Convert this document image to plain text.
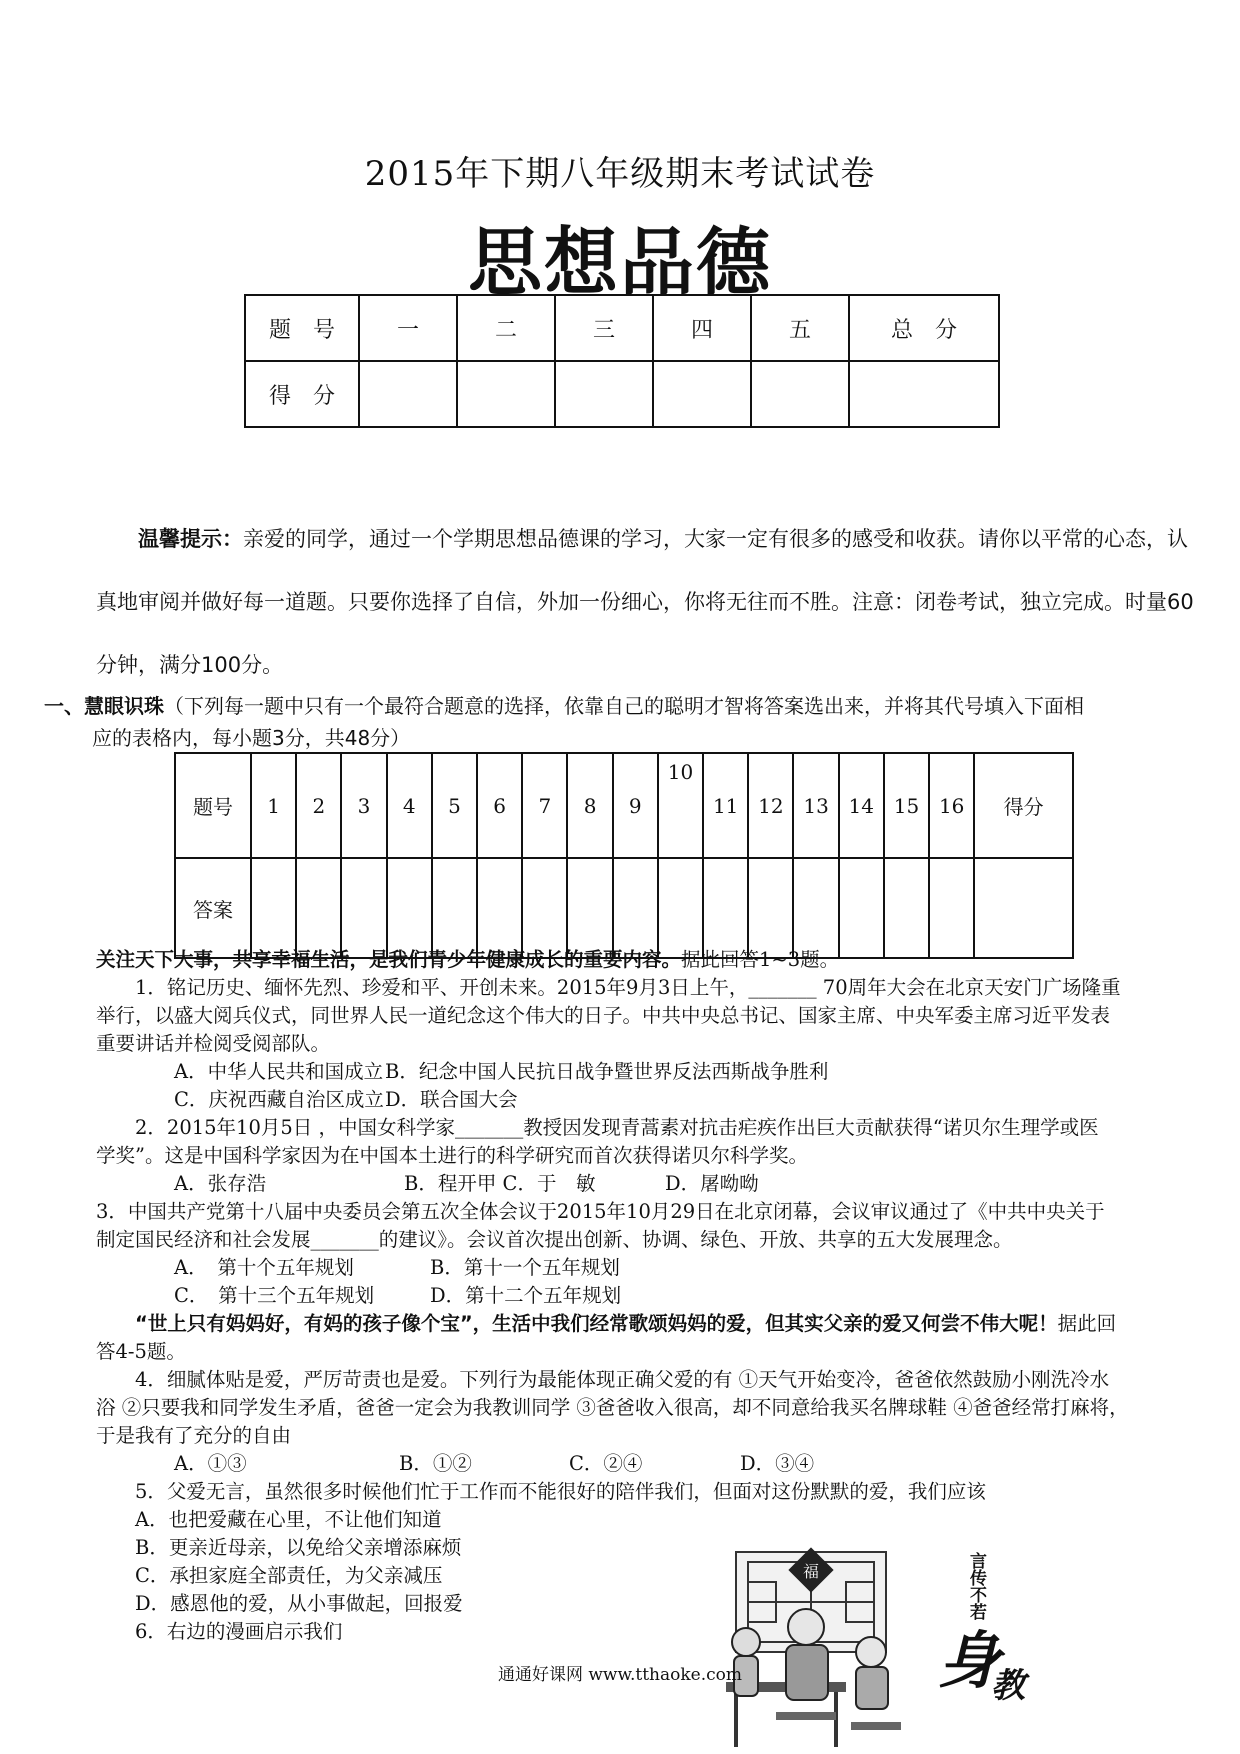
2015年下期八年级期末考试试卷
思想品德
题　号	一	二	三	四	五	总　分
得　分						
温馨提示：亲爱的同学，通过一个学期思想品德课的学习，大家一定有很多的感受和收获。请你以平常的心态，认真地审阅并做好每一道题。只要你选择了自信，外加一份细心，你将无往而不胜。注意：闭卷考试，独立完成。时量60分钟，满分100分。
一、慧眼识珠（下列每一题中只有一个最符合题意的选择，依靠自己的聪明才智将答案选出来，并将其代号填入下面相
应的表格内，每小题3分，共48分）
题号	1	2	3	4	5	6	7	8	9	10	11	12	13	14	15	16	得分
答案																	

关注天下大事，共享幸福生活，是我们青少年健康成长的重要内容。据此回答1~3题。

1．铭记历史、缅怀先烈、珍爱和平、开创未来。2015年9月3日上午，_______ 70周年大会在北京天安门广场隆重

举行，以盛大阅兵仪式，同世界人民一道纪念这个伟大的日子。中共中央总书记、国家主席、中央军委主席习近平发表

重要讲话并检阅受阅部队。

A．中华人民共和国成立B．纪念中国人民抗日战争暨世界反法西斯战争胜利

C．庆祝西藏自治区成立D．联合国大会

2．2015年10月5日 ，中国女科学家_______教授因发现青蒿素对抗击疟疾作出巨大贡献获得“诺贝尔生理学或医

学奖”。这是中国科学家因为在中国本土进行的科学研究而首次获得诺贝尔科学奖。

A．张存浩	B．程开甲 C．于　敏	D．屠呦呦

3．中国共产党第十八届中央委员会第五次全体会议于2015年10月29日在北京闭幕，会议审议通过了《中共中央关于

制定国民经济和社会发展_______的建议》。会议首次提出创新、协调、绿色、开放、共享的五大发展理念。

A．　第十个五年规划	B．第十一个五年规划

C．　第十三个五年规划	D．第十二个五年规划

“世上只有妈妈好，有妈的孩子像个宝”，生活中我们经常歌颂妈妈的爱，但其实父亲的爱又何尝不伟大呢！据此回

答4-5题。

4．细腻体贴是爱，严厉苛责也是爱。下列行为最能体现正确父爱的有 ①天气开始变冷，爸爸依然鼓励小刚洗冷水

浴 ②只要我和同学发生矛盾，爸爸一定会为我教训同学 ③爸爸收入很高，却不同意给我买名牌球鞋 ④爸爸经常打麻将，

于是我有了充分的自由

A．①③	B．①②	C．②④	D．③④

5．父爱无言，虽然很多时候他们忙于工作而不能很好的陪伴我们，但面对这份默默的爱，我们应该

A．也把爱藏在心里，不让他们知道

B．更亲近母亲，以免给父亲增添麻烦

C．承担家庭全部责任，为父亲减压

D．感恩他的爱，从小事做起，回报爱

6．右边的漫画启示我们

福	言传不若
身
教
通通好课网 www.tthaoke.com
